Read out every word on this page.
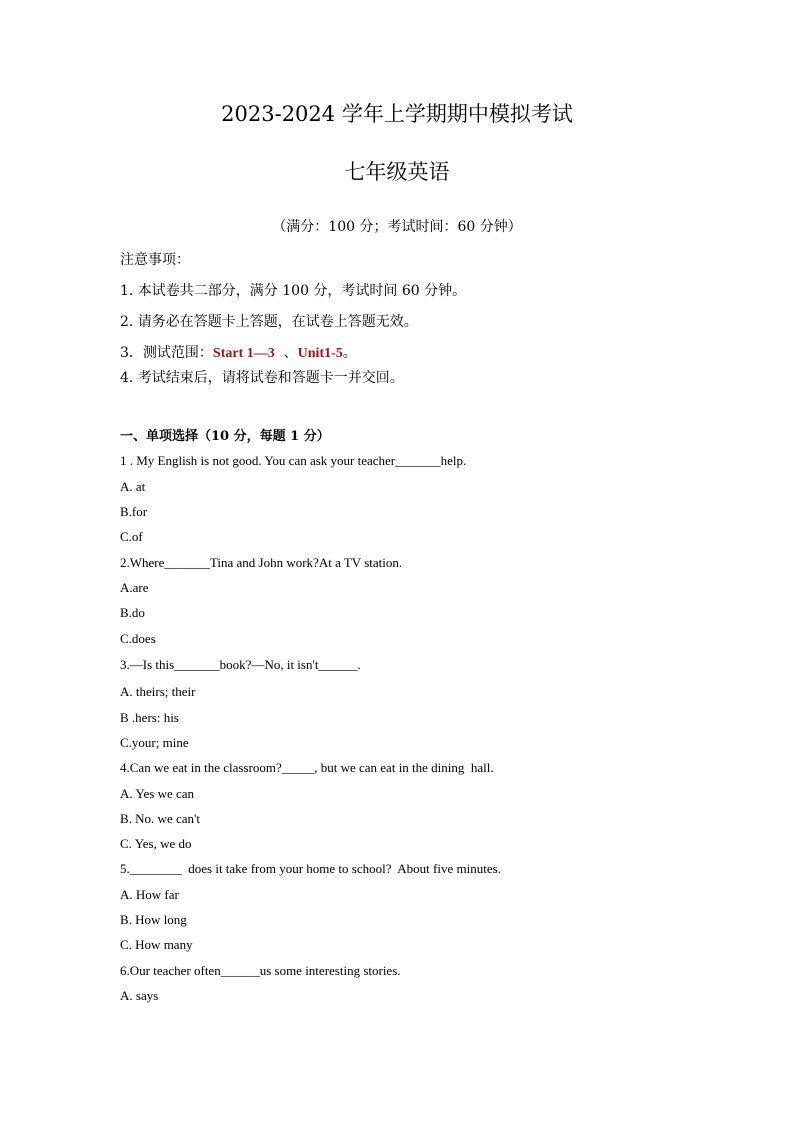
2023-2024 学年上学期期中模拟考试
七年级英语
（满分：100 分；考试时间：60 分钟）
注意事项：
1. 本试卷共二部分，满分 100 分，考试时间 60 分钟。
2. 请务必在答题卡上答题，在试卷上答题无效。
3．测试范围：Start 1—3  、Unit1-5。
4. 考试结束后，请将试卷和答题卡一并交回。
一、单项选择（10 分，每题 1 分）
1 . My English is not good. You can ask your teacher_______help.
A. at
B.for
C.of
2.Where_______Tina and John work?At a TV station.
A.are
B.do
C.does
3.—Is this_______book?—No, it isn't______.
A. theirs; their
B .hers: his
C.your; mine
4.Can we eat in the classroom?_____, but we can eat in the dining  hall.
A. Yes we can
B. No. we can't
C. Yes, we do
5.________  does it take from your home to school?  About five minutes.
A. How far
B. How long
C. How many
6.Our teacher often______us some interesting stories.
A. says
